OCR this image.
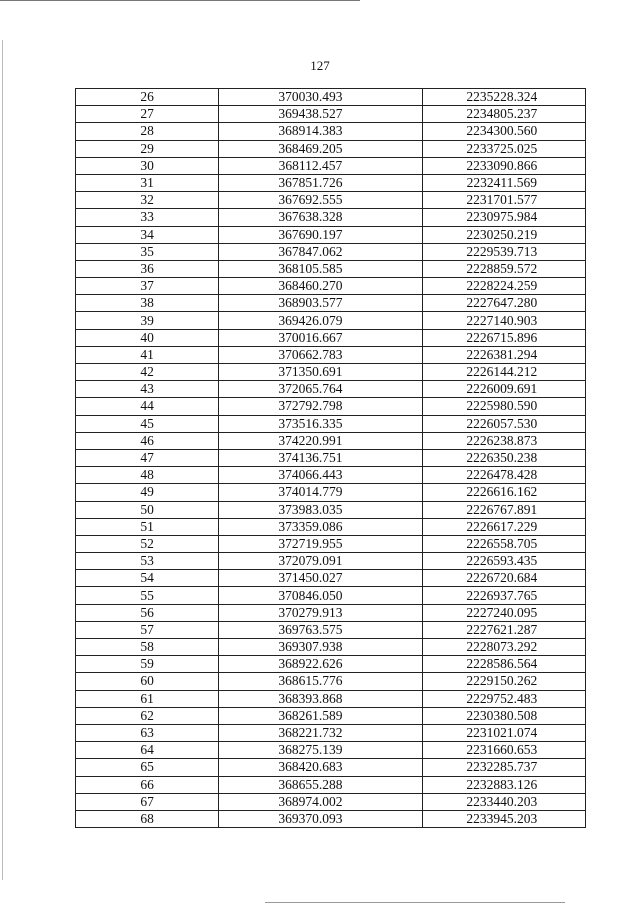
127
26	370030.493	2235228.324
27	369438.527	2234805.237
28	368914.383	2234300.560
29	368469.205	2233725.025
30	368112.457	2233090.866
31	367851.726	2232411.569
32	367692.555	2231701.577
33	367638.328	2230975.984
34	367690.197	2230250.219
35	367847.062	2229539.713
36	368105.585	2228859.572
37	368460.270	2228224.259
38	368903.577	2227647.280
39	369426.079	2227140.903
40	370016.667	2226715.896
41	370662.783	2226381.294
42	371350.691	2226144.212
43	372065.764	2226009.691
44	372792.798	2225980.590
45	373516.335	2226057.530
46	374220.991	2226238.873
47	374136.751	2226350.238
48	374066.443	2226478.428
49	374014.779	2226616.162
50	373983.035	2226767.891
51	373359.086	2226617.229
52	372719.955	2226558.705
53	372079.091	2226593.435
54	371450.027	2226720.684
55	370846.050	2226937.765
56	370279.913	2227240.095
57	369763.575	2227621.287
58	369307.938	2228073.292
59	368922.626	2228586.564
60	368615.776	2229150.262
61	368393.868	2229752.483
62	368261.589	2230380.508
63	368221.732	2231021.074
64	368275.139	2231660.653
65	368420.683	2232285.737
66	368655.288	2232883.126
67	368974.002	2233440.203
68	369370.093	2233945.203
